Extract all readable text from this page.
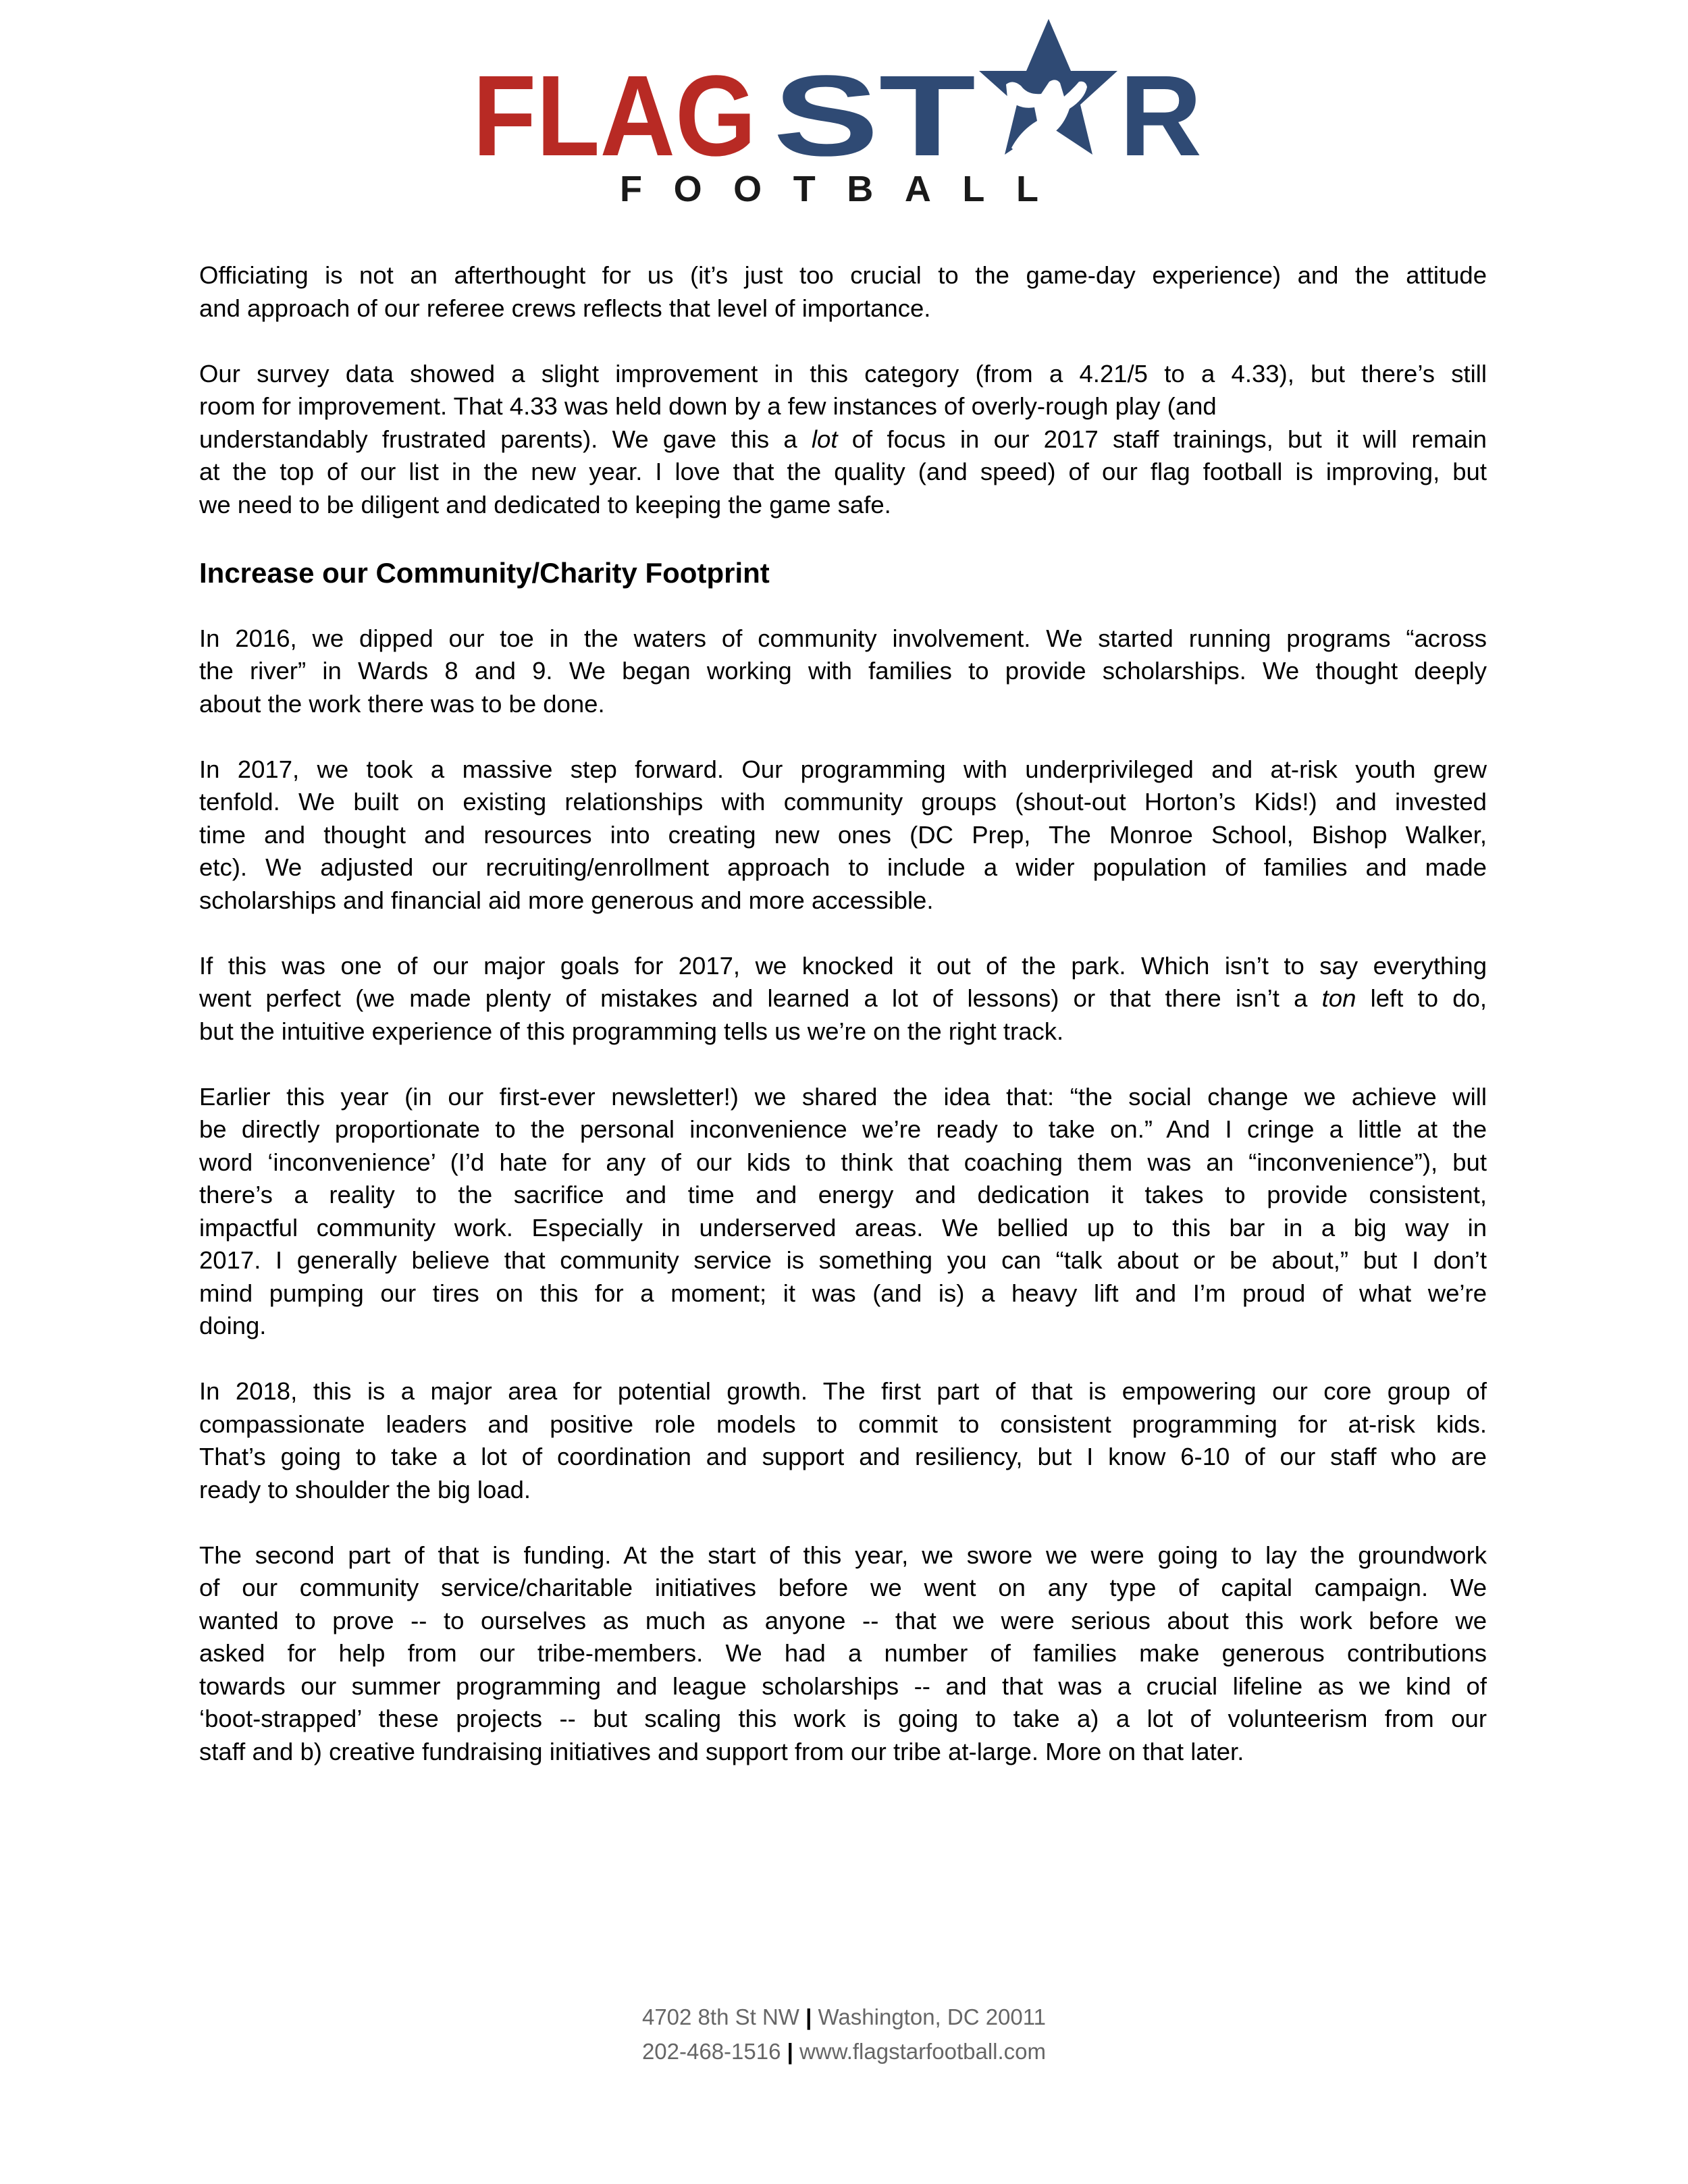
FLAG ST R
FOOTBALL
Officiating is not an afterthought for us (it’s just too crucial to the game-day experience) and the attitude
and approach of our referee crews reflects that level of importance.
Our survey data showed a slight improvement in this category (from a 4.21/5 to a 4.33), but there’s still
room for improvement. That 4.33 was held down by a few instances of overly-rough play (and
understandably frustrated parents). We gave this a lot of focus in our 2017 staff trainings, but it will remain
at the top of our list in the new year. I love that the quality (and speed) of our flag football is improving, but
we need to be diligent and dedicated to keeping the game safe.
Increase our Community/Charity Footprint
In 2016, we dipped our toe in the waters of community involvement. We started running programs “across
the river” in Wards 8 and 9. We began working with families to provide scholarships. We thought deeply
about the work there was to be done.
In 2017, we took a massive step forward. Our programming with underprivileged and at-risk youth grew
tenfold. We built on existing relationships with community groups (shout-out Horton’s Kids!) and invested
time and thought and resources into creating new ones (DC Prep, The Monroe School, Bishop Walker,
etc). We adjusted our recruiting/enrollment approach to include a wider population of families and made
scholarships and financial aid more generous and more accessible.
If this was one of our major goals for 2017, we knocked it out of the park. Which isn’t to say everything
went perfect (we made plenty of mistakes and learned a lot of lessons) or that there isn’t a ton left to do,
but the intuitive experience of this programming tells us we’re on the right track.
Earlier this year (in our first-ever newsletter!) we shared the idea that: “the social change we achieve will
be directly proportionate to the personal inconvenience we’re ready to take on.” And I cringe a little at the
word ‘inconvenience’ (I’d hate for any of our kids to think that coaching them was an “inconvenience”), but
there’s a reality to the sacrifice and time and energy and dedication it takes to provide consistent,
impactful community work. Especially in underserved areas. We bellied up to this bar in a big way in
2017. I generally believe that community service is something you can “talk about or be about,” but I don’t
mind pumping our tires on this for a moment; it was (and is) a heavy lift and I’m proud of what we’re
doing.
In 2018, this is a major area for potential growth. The first part of that is empowering our core group of
compassionate leaders and positive role models to commit to consistent programming for at-risk kids.
That’s going to take a lot of coordination and support and resiliency, but I know 6-10 of our staff who are
ready to shoulder the big load.
The second part of that is funding. At the start of this year, we swore we were going to lay the groundwork
of our community service/charitable initiatives before we went on any type of capital campaign. We
wanted to prove -- to ourselves as much as anyone -- that we were serious about this work before we
asked for help from our tribe-members. We had a number of families make generous contributions
towards our summer programming and league scholarships -- and that was a crucial lifeline as we kind of
‘boot-strapped’ these projects -- but scaling this work is going to take a) a lot of volunteerism from our
staff and b) creative fundraising initiatives and support from our tribe at-large. More on that later.
4702 8th St NW | Washington, DC 20011
202-468-1516 | www.flagstarfootball.com
